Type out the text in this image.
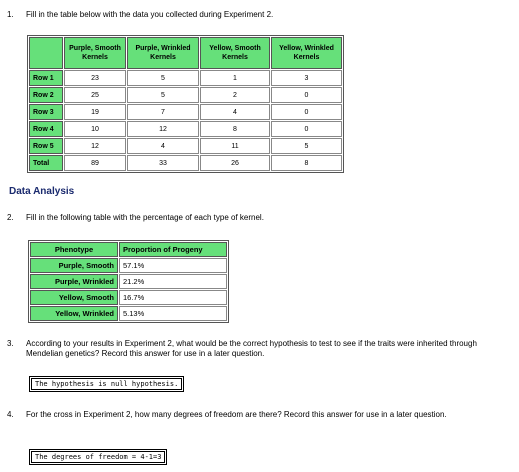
1. Fill in the table below with the data you collected during Experiment 2.
	Purple, Smooth Kernels	Purple, Wrinkled Kernels	Yellow, Smooth Kernels	Yellow, Wrinkled Kernels
Row 1	23	5	1	3
Row 2	25	5	2	0
Row 3	19	7	4	0
Row 4	10	12	8	0
Row 5	12	4	11	5
Total	89	33	26	8
Data Analysis
2. Fill in the following table with the percentage of each type of kernel.
Phenotype	Proportion of Progeny
Purple, Smooth	57.1%
Purple, Wrinkled	21.2%
Yellow, Smooth	16.7%
Yellow, Wrinkled	5.13%
3. According to your results in Experiment 2, what would be the correct hypothesis to test to see if the traits were inherited through Mendelian genetics? Record this answer for use in a later question.
The hypothesis is null hypothesis.
4. For the cross in Experiment 2, how many degrees of freedom are there? Record this answer for use in a later question.
The degrees of freedom = 4-1=3
